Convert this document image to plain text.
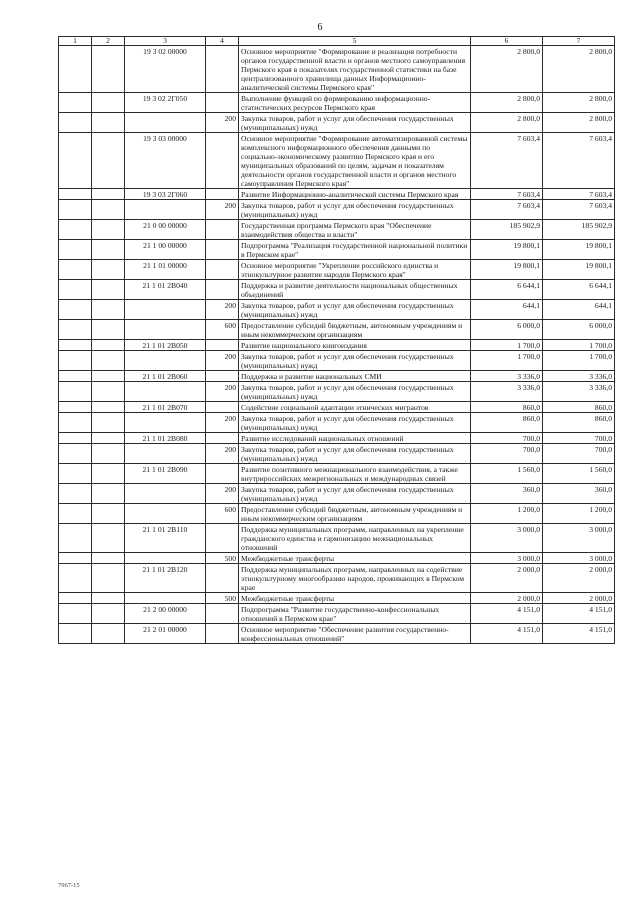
6
1	2	3	4	5	6	7
		19 3 02 00000		Основное мероприятие "Формирование и реализация потребности органов государственной власти и органов местного самоуправления Пермского края в показателях государственной статистики на базе централизованного хранилища данных Информационно-аналитической системы Пермского края"	2 800,0	2 800,0
		19 3 02 2Г050		Выполнение функций по формированию информационно-статистических ресурсов Пермского края	2 800,0	2 800,0
			200	Закупка товаров, работ и услуг для обеспечения государственных (муниципальных) нужд	2 800,0	2 800,0
		19 3 03 00000		Основное мероприятие "Формирование автоматизированной системы комплексного информационного обеспечения данными по социально-экономическому развитию Пермского края и его муниципальных образований по целям, задачам и показателям деятельности органов государственной власти и органов местного самоуправления Пермского края"	7 603,4	7 603,4
		19 3 03 2Г060		Развитие Информационно-аналитической системы Пермского края	7 603,4	7 603,4
			200	Закупка товаров, работ и услуг для обеспечения государственных (муниципальных) нужд	7 603,4	7 603,4
		21 0 00 00000		Государственная программа Пермского края "Обеспечение взаимодействия общества и власти"	185 902,9	185 902,9
		21 1 00 00000		Подпрограмма "Реализация государственной национальной политики в Пермском крае"	19 800,1	19 800,1
		21 1 01 00000		Основное мероприятие "Укрепление российского единства и этнокультурное развитие народов Пермского края"	19 800,1	19 800,1
		21 1 01 2В040		Поддержка и развитие деятельности национальных общественных объединений	6 644,1	6 644,1
			200	Закупка товаров, работ и услуг для обеспечения государственных (муниципальных) нужд	644,1	644,1
			600	Предоставление субсидий бюджетным, автономным учреждениям и иным некоммерческим организациям	6 000,0	6 000,0
		21 1 01 2В050		Развитие национального книгоиздания	1 700,0	1 700,0
			200	Закупка товаров, работ и услуг для обеспечения государственных (муниципальных) нужд	1 700,0	1 700,0
		21 1 01 2В060		Поддержка и развитие национальных СМИ	3 336,0	3 336,0
			200	Закупка товаров, работ и услуг для обеспечения государственных (муниципальных) нужд	3 336,0	3 336,0
		21 1 01 2В070		Содействие социальной адаптации этнических мигрантов	860,0	860,0
			200	Закупка товаров, работ и услуг для обеспечения государственных (муниципальных) нужд	860,0	860,0
		21 1 01 2В080		Развитие исследований национальных отношений	700,0	700,0
			200	Закупка товаров, работ и услуг для обеспечения государственных (муниципальных) нужд	700,0	700,0
		21 1 01 2В090		Развитие позитивного межнационального взаимодействия, а также внутрироссийских межрегиональных и международных связей	1 560,0	1 560,0
			200	Закупка товаров, работ и услуг для обеспечения государственных (муниципальных) нужд	360,0	360,0
			600	Предоставление субсидий бюджетным, автономным учреждениям и иным некоммерческим организациям	1 200,0	1 200,0
		21 1 01 2В110		Поддержка муниципальных программ, направленных на укрепление гражданского единства и гармонизацию межнациональных отношений	3 000,0	3 000,0
			500	Межбюджетные трансферты	3 000,0	3 000,0
		21 1 01 2В120		Поддержка муниципальных программ, направленных на содействие этнокультурному многообразию народов, проживающих в Пермском крае	2 000,0	2 000,0
			500	Межбюджетные трансферты	2 000,0	2 000,0
		21 2 00 00000		Подпрограмма "Развитие государственно-конфессиональных отношений в Пермском крае"	4 151,0	4 151,0
		21 2 01 00000		Основное мероприятие "Обеспечение развития государственно-конфессиональных отношений"	4 151,0	4 151,0
7967-15
